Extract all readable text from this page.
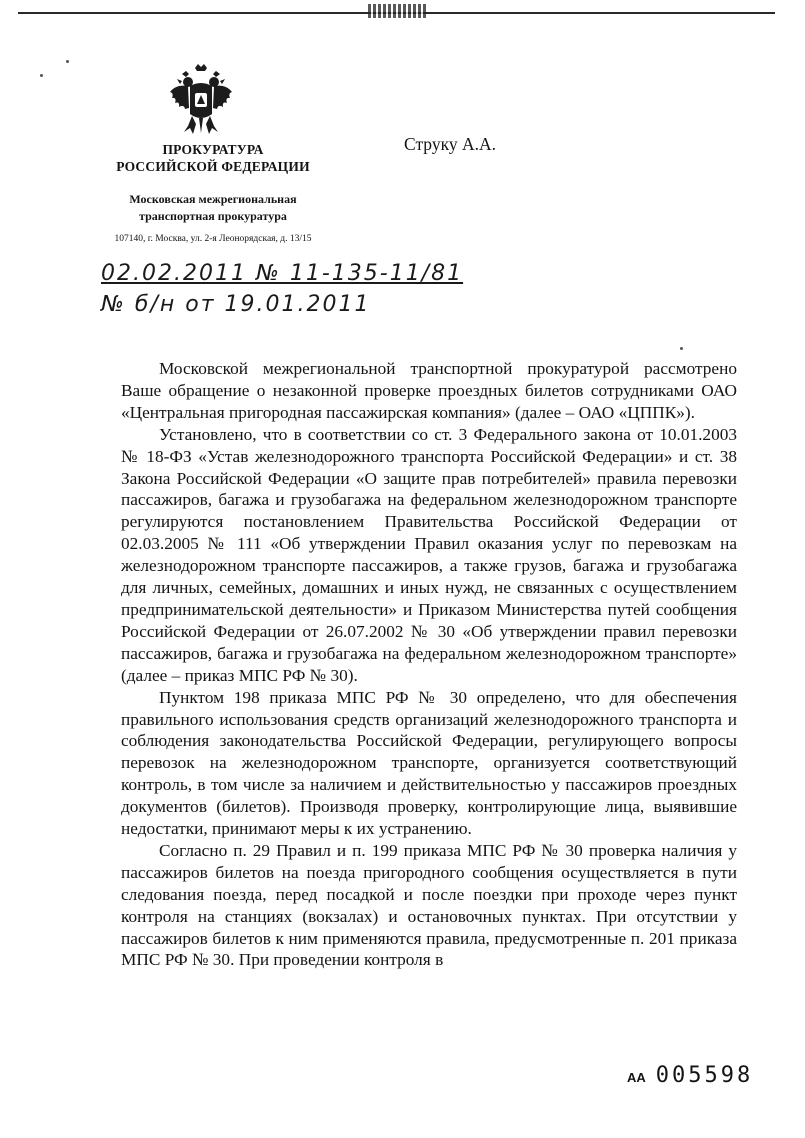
ПРОКУРАТУРА
РОССИЙСКОЙ ФЕДЕРАЦИИ
Московская межрегиональная
транспортная прокуратура
107140, г. Москва, ул. 2-я Леонорядская, д. 13/15
Струку А.А.
02.02.2011 № 11-135-11/81
№ б/н от 19.01.2011

Московской межрегиональной транспортной прокуратурой рассмотрено Ваше обращение о незаконной проверке проездных билетов сотрудниками ОАО «Центральная пригородная пассажирская компания» (далее – ОАО «ЦППК»).

Установлено, что в соответствии со ст. 3 Федерального закона от 10.01.2003 № 18-ФЗ «Устав железнодорожного транспорта Российской Федерации» и ст. 38 Закона Российской Федерации «О защите прав потребителей» правила перевозки пассажиров, багажа и грузобагажа на федеральном железнодорожном транспорте регулируются постановлением Правительства Российской Федерации от 02.03.2005 № 111 «Об утверждении Правил оказания услуг по перевозкам на железнодорожном транспорте пассажиров, а также грузов, багажа и грузобагажа для личных, семейных, домашних и иных нужд, не связанных с осуществлением предпринимательской деятельности» и Приказом Министерства путей сообщения Российской Федерации от 26.07.2002 № 30 «Об утверждении правил перевозки пассажиров, багажа и грузобагажа на федеральном железнодорожном транспорте» (далее – приказ МПС РФ № 30).

Пунктом 198 приказа МПС РФ № 30 определено, что для обеспечения правильного использования средств организаций железнодорожного транспорта и соблюдения законодательства Российской Федерации, регулирующего вопросы перевозок на железнодорожном транспорте, организуется соответствующий контроль, в том числе за наличием и действительностью у пассажиров проездных документов (билетов). Производя проверку, контролирующие лица, выявившие недостатки, принимают меры к их устранению.

Согласно п. 29 Правил и п. 199 приказа МПС РФ № 30 проверка наличия у пассажиров билетов на поезда пригородного сообщения осуществляется в пути следования поезда, перед посадкой и после поездки при проходе через пункт контроля на станциях (вокзалах) и остановочных пунктах. При отсутствии у пассажиров билетов к ним применяются правила, предусмотренные п. 201 приказа МПС РФ № 30. При проведении контроля в

АА 005598
